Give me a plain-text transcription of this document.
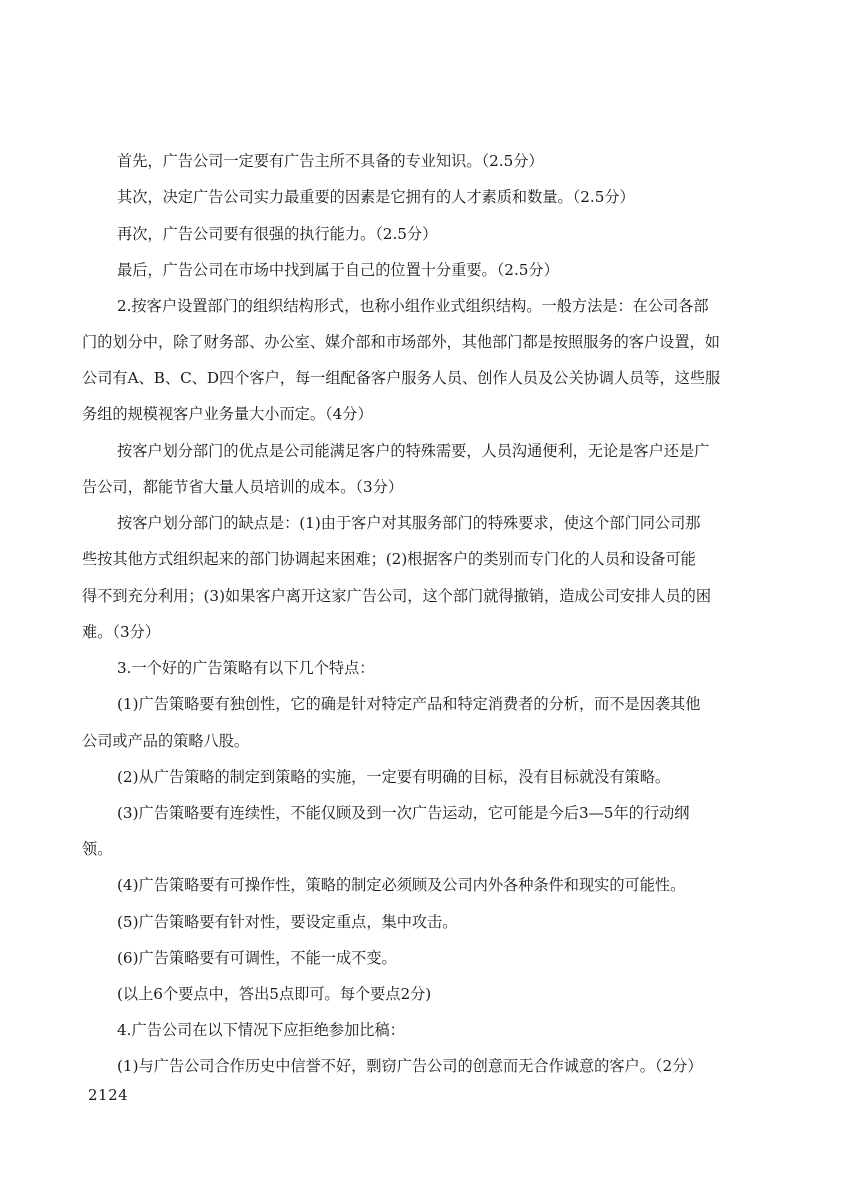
首先，广告公司一定要有广告主所不具备的专业知识。（2.5分）
其次，决定广告公司实力最重要的因素是它拥有的人才素质和数量。（2.5分）
再次，广告公司要有很强的执行能力。（2.5分）
最后，广告公司在市场中找到属于自己的位置十分重要。（2.5分）
2.按客户设置部门的组织结构形式，也称小组作业式组织结构。一般方法是：在公司各部
门的划分中，除了财务部、办公室、媒介部和市场部外，其他部门都是按照服务的客户设置，如
公司有A、B、C、D四个客户，每一组配备客户服务人员、创作人员及公关协调人员等，这些服
务组的规模视客户业务量大小而定。（4分）
按客户划分部门的优点是公司能满足客户的特殊需要，人员沟通便利，无论是客户还是广
告公司，都能节省大量人员培训的成本。（3分）
按客户划分部门的缺点是：(1)由于客户对其服务部门的特殊要求，使这个部门同公司那
些按其他方式组织起来的部门协调起来困难；(2)根据客户的类别而专门化的人员和设备可能
得不到充分利用；(3)如果客户离开这家广告公司，这个部门就得撤销，造成公司安排人员的困
难。（3分）
3.一个好的广告策略有以下几个特点：
(1)广告策略要有独创性，它的确是针对特定产品和特定消费者的分析，而不是因袭其他
公司或产品的策略八股。
(2)从广告策略的制定到策略的实施，一定要有明确的目标，没有目标就没有策略。
(3)广告策略要有连续性，不能仅顾及到一次广告运动，它可能是今后3—5年的行动纲
领。
(4)广告策略要有可操作性，策略的制定必须顾及公司内外各种条件和现实的可能性。
(5)广告策略要有针对性，要设定重点，集中攻击。
(6)广告策略要有可调性，不能一成不变。
(以上6个要点中，答出5点即可。每个要点2分)
4.广告公司在以下情况下应拒绝参加比稿：
(1)与广告公司合作历史中信誉不好，剽窃广告公司的创意而无合作诚意的客户。（2分）
2124
